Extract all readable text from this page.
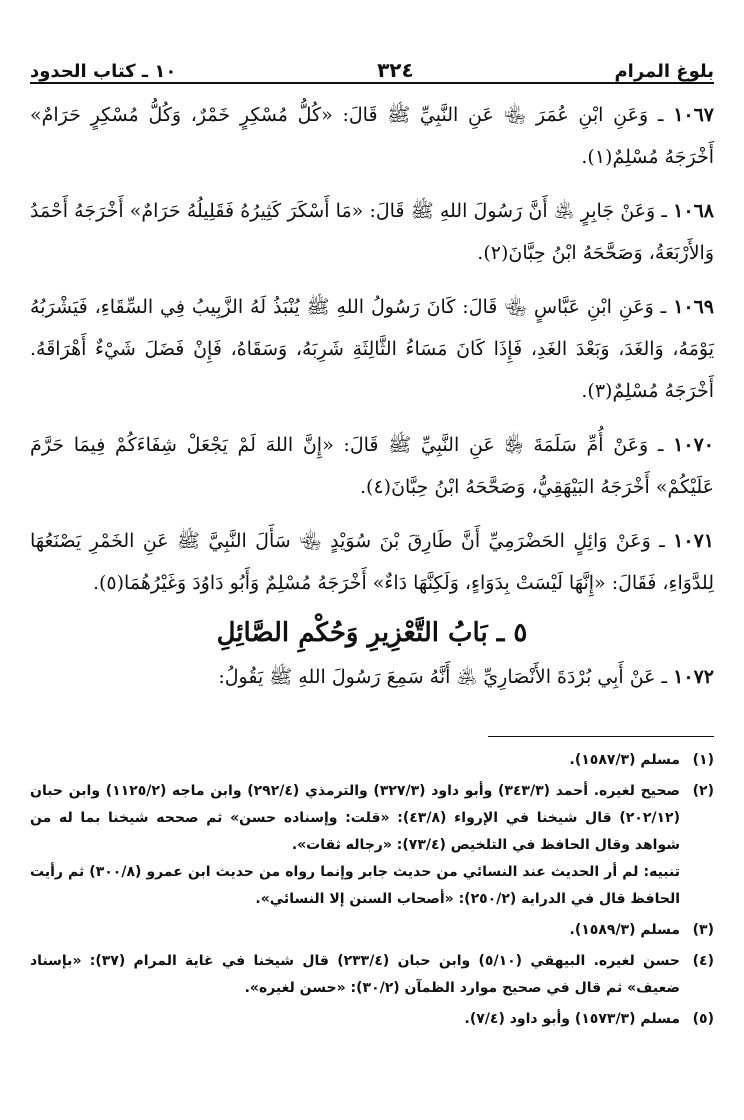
بلوغ المرام
٣٢٤
١٠ ـ كتاب الحدود

١٠٦٧ ـ وَعَنِ ابْنِ عُمَرَ ﵄ عَنِ النَّبِيِّ ﷺ قَالَ: «كُلُّ مُسْكِرٍ خَمْرٌ، وَكُلُّ مُسْكِرٍ حَرَامٌ» أَخْرَجَهُ مُسْلِمٌ(١).

١٠٦٨ ـ وَعَنْ جَابِرٍ ﵁ أَنَّ رَسُولَ اللهِ ﷺ قَالَ: «مَا أَسْكَرَ كَثِيرُهُ فَقَلِيلُهُ حَرَامٌ» أَخْرَجَهُ أَحْمَدُ وَالأَرْبَعَةُ، وَصَحَّحَهُ ابْنُ حِبَّانَ(٢).

١٠٦٩ ـ وَعَنِ ابْنِ عَبَّاسٍ ﵄ قَالَ: كَانَ رَسُولُ اللهِ ﷺ يُنْبَذُ لَهُ الزَّبِيبُ فِي السِّقَاءِ، فَيَشْرَبُهُ يَوْمَهُ، وَالغَدَ، وَبَعْدَ الغَدِ، فَإِذَا كَانَ مَسَاءُ الثَّالِثَةِ شَرِبَهُ، وَسَقَاهُ، فَإِنْ فَضَلَ شَيْءٌ أَهْرَاقَهُ. أَخْرَجَهُ مُسْلِمٌ(٣).

١٠٧٠ ـ وَعَنْ أُمِّ سَلَمَةَ ﵂ عَنِ النَّبِيِّ ﷺ قَالَ: «إِنَّ اللهَ لَمْ يَجْعَلْ شِفَاءَكُمْ فِيمَا حَرَّمَ عَلَيْكُمْ» أَخْرَجَهُ البَيْهَقِيُّ، وَصَحَّحَهُ ابْنُ حِبَّانَ(٤).

١٠٧١ ـ وَعَنْ وَائِلٍ الحَضْرَمِيِّ أَنَّ طَارِقَ بْنَ سُوَيْدٍ ﵄ سَأَلَ النَّبِيَّ ﷺ عَنِ الخَمْرِ يَصْنَعُهَا لِلدَّوَاءِ، فَقَالَ: «إِنَّهَا لَيْسَتْ بِدَوَاءٍ، وَلَكِنَّهَا دَاءٌ» أَخْرَجَهُ مُسْلِمٌ وَأَبُو دَاوُدَ وَغَيْرُهُمَا(٥).

٥ ـ بَابُ التَّعْزِيرِ وَحُكْمِ الصَّائِلِ

١٠٧٢ ـ عَنْ أَبِي بُرْدَةَ الأَنْصَارِيِّ ﵁ أَنَّهُ سَمِعَ رَسُولَ اللهِ ﷺ يَقُولُ:

(١)
مسلم (١٥٨٧/٣).
(٢)
صحيح لغيره. أحمد (٣٤٣/٣) وأبو داود (٣٢٧/٣) والترمذي (٢٩٢/٤) وابن ماجه (١١٢٥/٢) وابن حبان (٢٠٢/١٢) قال شيخنا في الإرواء (٤٣/٨): «قلت: وإسناده حسن» ثم صححه شيخنا بما له من شواهد وقال الحافظ في التلخيص (٧٣/٤): «رجاله ثقات».
تنبيه: لم أر الحديث عند النسائي من حديث جابر وإنما رواه من حديث ابن عمرو (٣٠٠/٨) ثم رأيت الحافظ قال في الدراية (٢٥٠/٢): «أصحاب السنن إلا النسائي».
(٣)
مسلم (١٥٨٩/٣).
(٤)
حسن لغيره. البيهقي (٥/١٠) وابن حبان (٢٣٣/٤) قال شيخنا في غاية المرام (٣٧): «بإسناد ضعيف» ثم قال في صحيح موارد الظمآن (٣٠/٢): «حسن لغيره».
(٥)
مسلم (١٥٧٣/٣) وأبو داود (٧/٤).
